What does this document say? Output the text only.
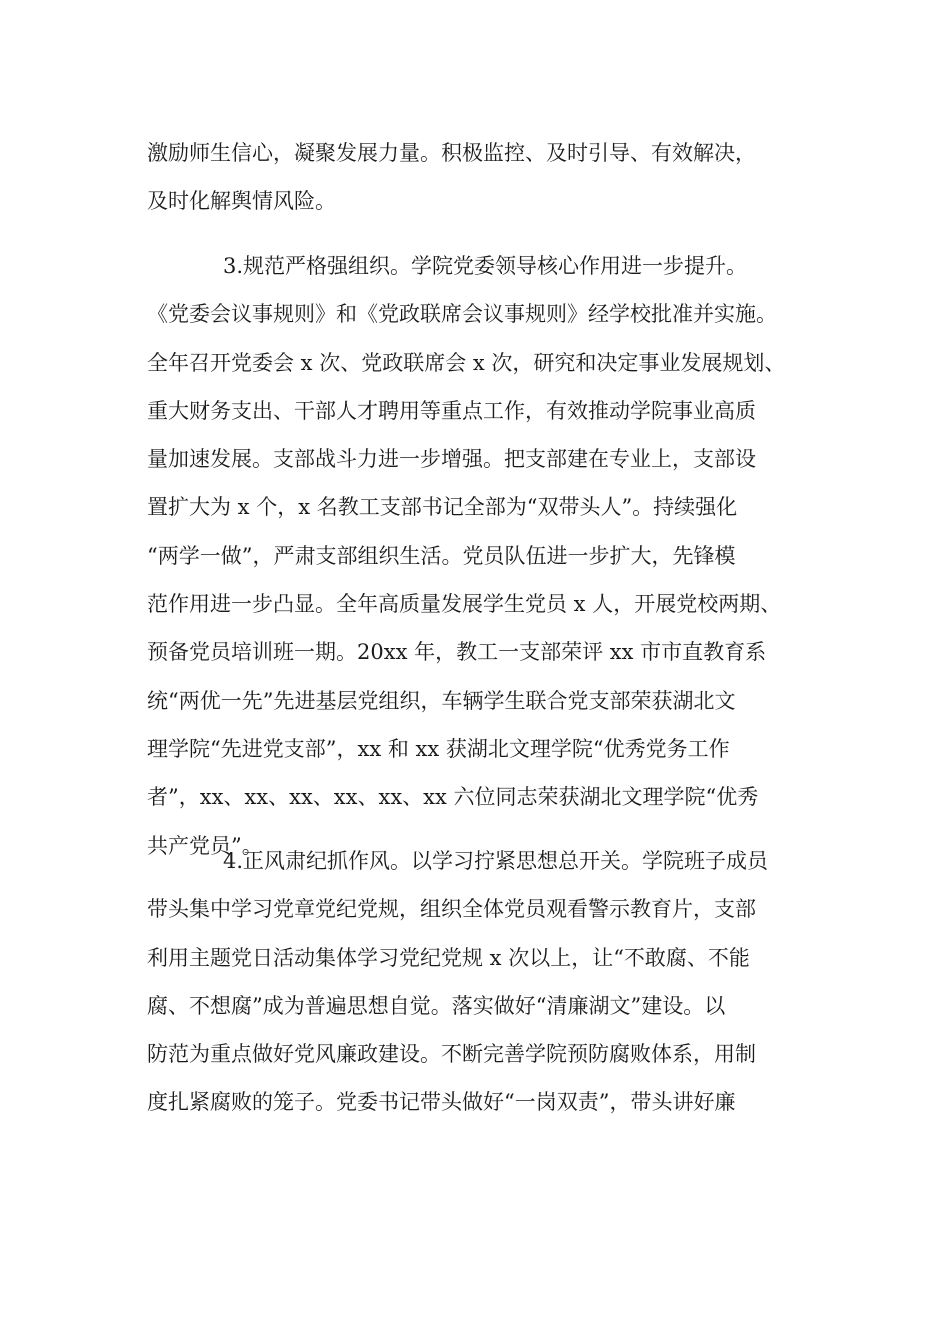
激励师生信心，凝聚发展力量。积极监控、及时引导、有效解决，
及时化解舆情风险。
3.规范严格强组织。学院党委领导核心作用进一步提升。
《党委会议事规则》和《党政联席会议事规则》经学校批准并实施。
全年召开党委会 x 次、党政联席会 x 次，研究和决定事业发展规划、
重大财务支出、干部人才聘用等重点工作，有效推动学院事业高质
量加速发展。支部战斗力进一步增强。把支部建在专业上，支部设
置扩大为 x 个，x 名教工支部书记全部为“双带头人”。持续强化
“两学一做”，严肃支部组织生活。党员队伍进一步扩大，先锋模
范作用进一步凸显。全年高质量发展学生党员 x 人，开展党校两期、
预备党员培训班一期。20xx 年，教工一支部荣评 xx 市市直教育系
统“两优一先”先进基层党组织，车辆学生联合党支部荣获湖北文
理学院“先进党支部”，xx 和 xx 获湖北文理学院“优秀党务工作
者”，xx、xx、xx、xx、xx、xx 六位同志荣获湖北文理学院“优秀
共产党员”。
4.正风肃纪抓作风。以学习拧紧思想总开关。学院班子成员
带头集中学习党章党纪党规，组织全体党员观看警示教育片，支部
利用主题党日活动集体学习党纪党规 x 次以上，让“不敢腐、不能
腐、不想腐”成为普遍思想自觉。落实做好“清廉湖文”建设。以
防范为重点做好党风廉政建设。不断完善学院预防腐败体系，用制
度扎紧腐败的笼子。党委书记带头做好“一岗双责”，带头讲好廉
